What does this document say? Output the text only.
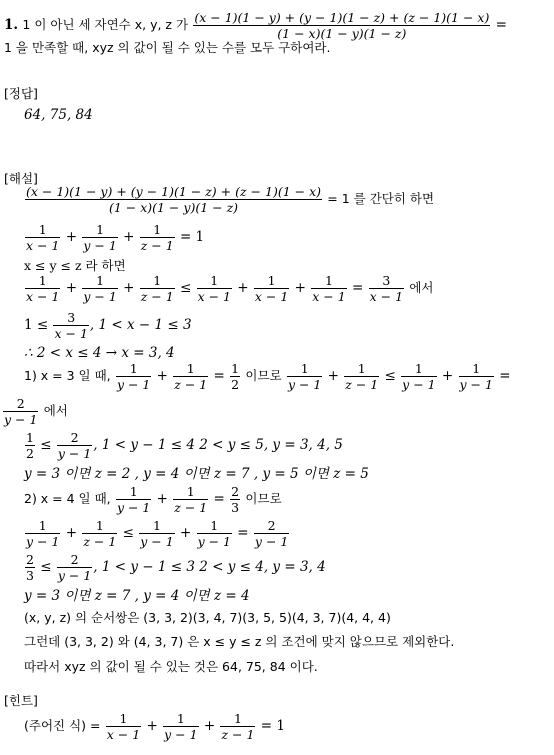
1. 1 이 아닌 세 자연수 x, y, z 가 $\frac{(x - 1)(1 - y) + (y - 1)(1 - z) + (z - 1)(1 - x)}{(1 - x)(1 - y)(1 - z)}$ =
1 을 만족할 때, xyz 의 값이 될 수 있는 수를 모두 구하여라.
[정답]
64, 75, 84
[해설]
$\frac{(x - 1)(1 - y) + (y - 1)(1 - z) + (z - 1)(1 - x)}{(1 - x)(1 - y)(1 - z)} = 1$ 를 간단히 하면
$\frac{1}{x - 1} + \frac{1}{y - 1} + \frac{1}{z - 1} = 1$
x ≤ y ≤ z 라 하면
$\frac{1}{x - 1} + \frac{1}{y - 1} + \frac{1}{z - 1} \le \frac{1}{x - 1} + \frac{1}{x - 1} + \frac{1}{x - 1} = \frac{3}{x - 1}$ 에서
$1 \le \frac{3}{x - 1}$ , 1 < x − 1 ≤ 3
∴ 2 < x ≤ 4 → x = 3, 4
1) x = 3 일 때, $\frac{1}{y - 1} + \frac{1}{z - 1} = \frac{1}{2}$ 이므로 $\frac{1}{y - 1} + \frac{1}{z - 1} \le \frac{1}{y - 1} + \frac{1}{y - 1}$ =
$\frac{2}{y - 1}$ 에서
$\frac{1}{2} \le \frac{2}{y - 1}$ , 1 < y − 1 ≤ 4 2 < y ≤ 5, y = 3, 4, 5
y = 3 이면 z = 2 , y = 4 이면 z = 7 , y = 5 이면 z = 5
2) x = 4 일 때, $\frac{1}{y - 1} + \frac{1}{z - 1} = \frac{2}{3}$ 이므로
$\frac{1}{y - 1} + \frac{1}{z - 1} \le \frac{1}{y - 1} + \frac{1}{y - 1} = \frac{2}{y - 1}$
$\frac{2}{3} \le \frac{2}{y - 1}$ , 1 < y − 1 ≤ 3 2 < y ≤ 4, y = 3, 4
y = 3 이면 z = 7 , y = 4 이면 z = 4
(x, y, z) 의 순서쌍은 (3, 3, 2)(3, 4, 7)(3, 5, 5)(4, 3, 7)(4, 4, 4)
그런데 (3, 3, 2) 와 (4, 3, 7) 은 x ≤ y ≤ z 의 조건에 맞지 않으므로 제외한다.
따라서 xyz 의 값이 될 수 있는 것은 64, 75, 84 이다.
[힌트]
(주어진 식) = $\frac{1}{x - 1} + \frac{1}{y - 1} + \frac{1}{z - 1} = 1$
